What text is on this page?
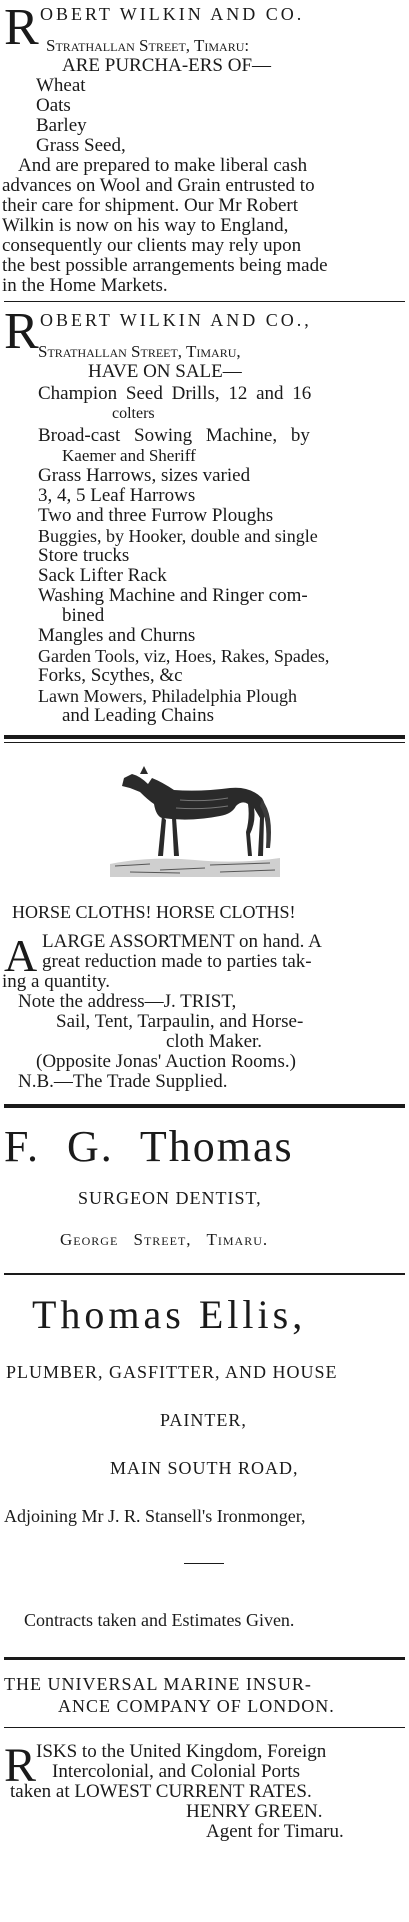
R OBERT WILKIN AND CO.
Strathallan Street, Timaru:
ARE PURCHA-ERS OF—
Wheat
Oats
Barley
Grass Seed,
And are prepared to make liberal cash
advances on Wool and Grain entrusted to
their care for shipment. Our Mr Robert
Wilkin is now on his way to England,
consequently our clients may rely upon
the best possible arrangements being made
in the Home Markets.
R OBERT WILKIN AND CO.,
Strathallan Street, Timaru,
HAVE ON SALE—
Champion Seed Drills, 12 and 16
colters
Broad-cast Sowing Machine, by
Kaemer and Sheriff
Grass Harrows, sizes varied
3, 4, 5 Leaf Harrows
Two and three Furrow Ploughs
Buggies, by Hooker, double and single
Store trucks
Sack Lifter Rack
Washing Machine and Ringer com-
bined
Mangles and Churns
Garden Tools, viz, Hoes, Rakes, Spades,
Forks, Scythes, &c
Lawn Mowers, Philadelphia Plough
and Leading Chains
HORSE CLOTHS! HORSE CLOTHS!
A LARGE ASSORTMENT on hand. A
great reduction made to parties tak-
ing a quantity.
Note the address—J. TRIST,
Sail, Tent, Tarpaulin, and Horse-
cloth Maker.
(Opposite Jonas' Auction Rooms.)
N.B.—The Trade Supplied.
F. G. Thomas
SURGEON DENTIST,
George Street, Timaru.
Thomas Ellis,
PLUMBER, GASFITTER, AND HOUSE
PAINTER,
MAIN SOUTH ROAD,
Adjoining Mr J. R. Stansell's Ironmonger,
Contracts taken and Estimates Given.
THE UNIVERSAL MARINE INSUR-
ANCE COMPANY OF LONDON.
R ISKS to the United Kingdom, Foreign
Intercolonial, and Colonial Ports
taken at LOWEST CURRENT RATES.
HENRY GREEN.
Agent for Timaru.
